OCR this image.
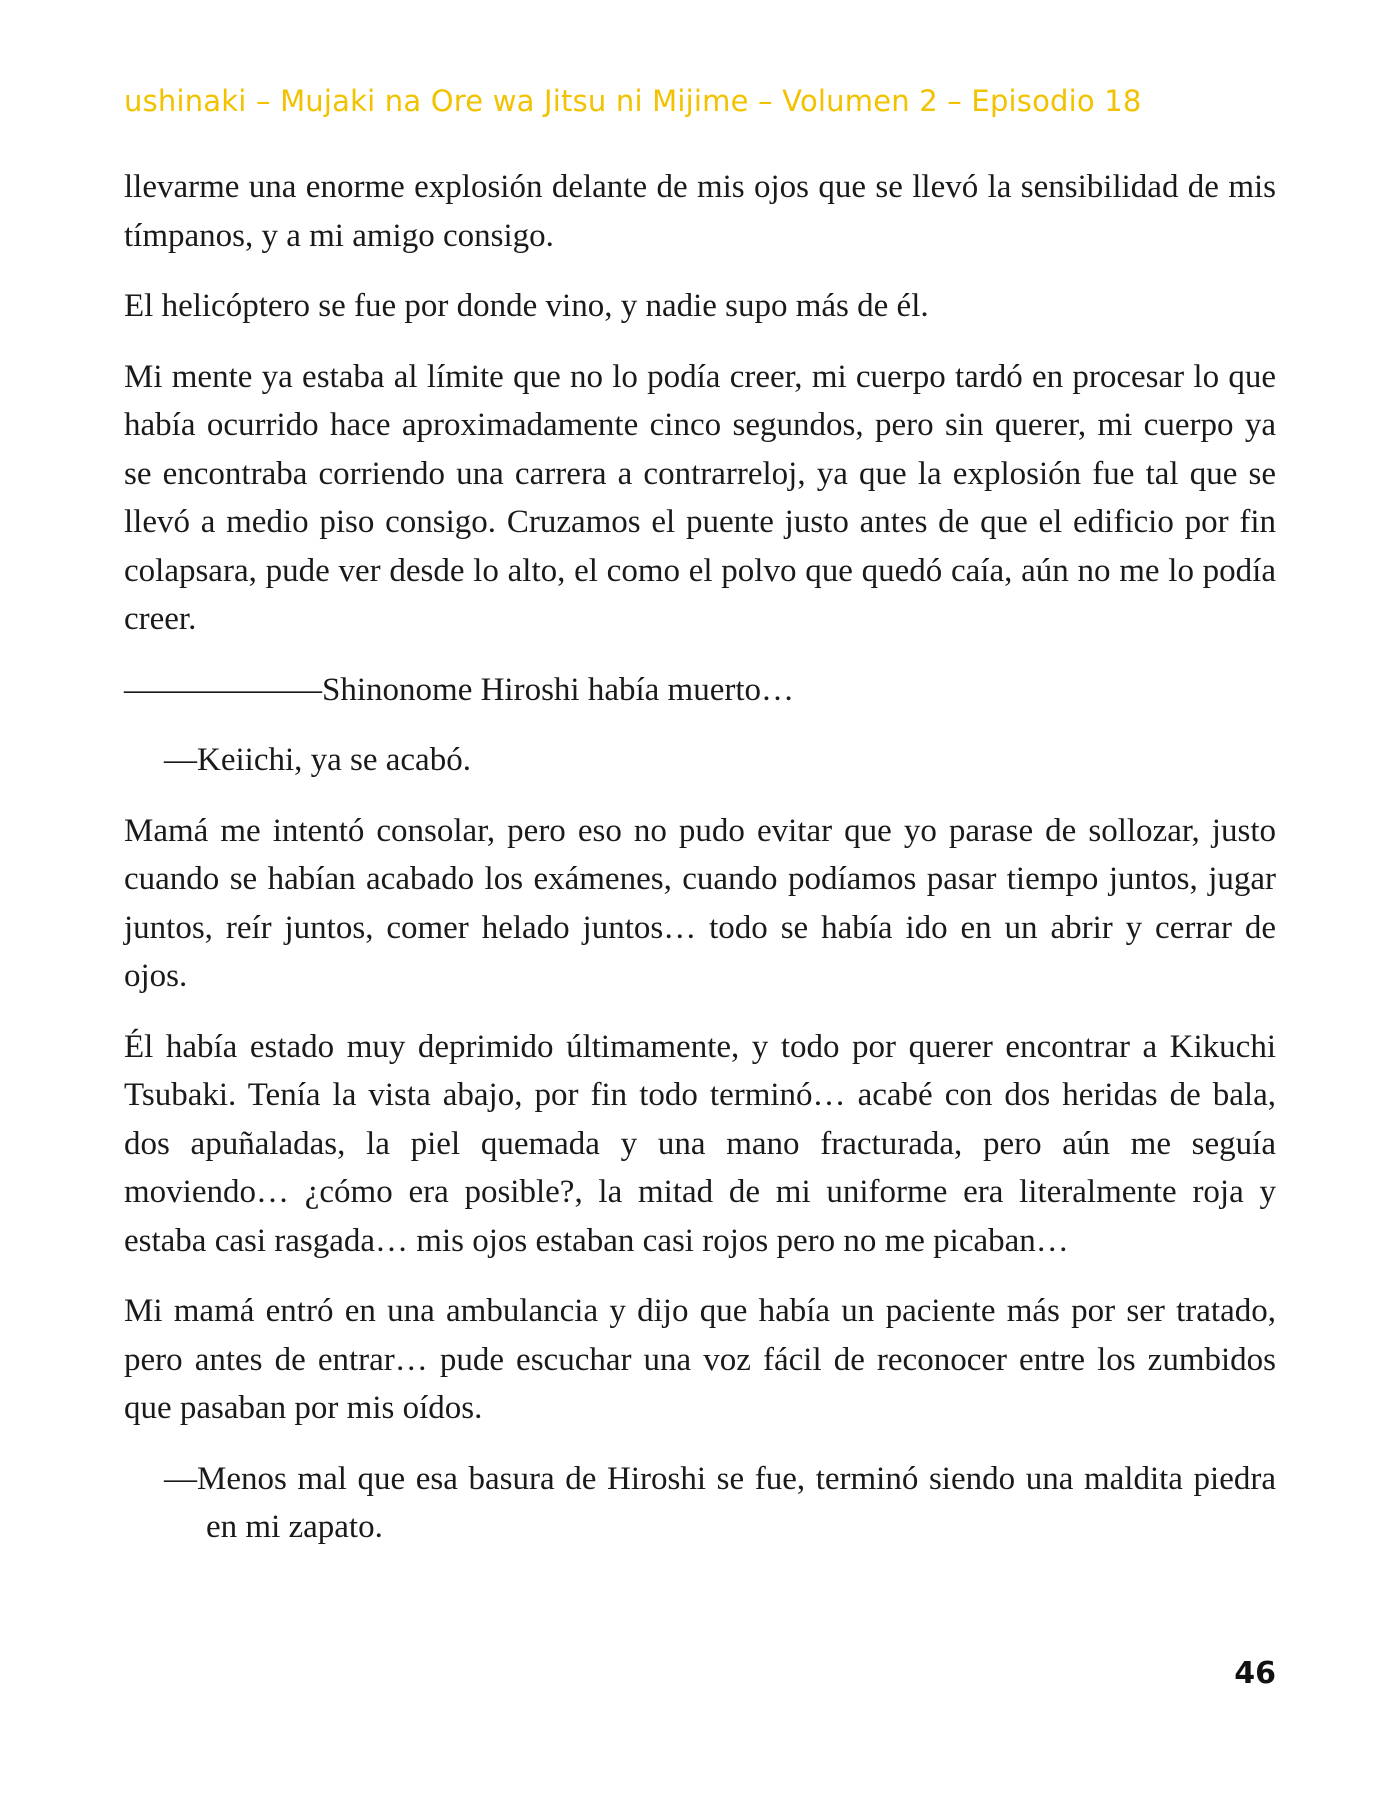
ushinaki – Mujaki na Ore wa Jitsu ni Mijime – Volumen 2 – Episodio 18

llevarme una enorme explosión delante de mis ojos que se llevó la sensibilidad de mis tímpanos, y a mi amigo consigo.

El helicóptero se fue por donde vino, y nadie supo más de él.

Mi mente ya estaba al límite que no lo podía creer, mi cuerpo tardó en procesar lo que había ocurrido hace aproximadamente cinco segundos, pero sin querer, mi cuerpo ya se encontraba corriendo una carrera a contrarreloj, ya que la explosión fue tal que se llevó a medio piso consigo. Cruzamos el puente justo antes de que el edificio por fin colapsara, pude ver desde lo alto, el como el polvo que quedó caía, aún no me lo podía creer.

——————Shinonome Hiroshi había muerto…

—Keiichi, ya se acabó.

Mamá me intentó consolar, pero eso no pudo evitar que yo parase de sollozar, justo cuando se habían acabado los exámenes, cuando podíamos pasar tiempo juntos, jugar juntos, reír juntos, comer helado juntos… todo se había ido en un abrir y cerrar de ojos.

Él había estado muy deprimido últimamente, y todo por querer encontrar a Kikuchi Tsubaki. Tenía la vista abajo, por fin todo terminó… acabé con dos heridas de bala, dos apuñaladas, la piel quemada y una mano fracturada, pero aún me seguía moviendo… ¿cómo era posible?, la mitad de mi uniforme era literalmente roja y estaba casi rasgada… mis ojos estaban casi rojos pero no me picaban…

Mi mamá entró en una ambulancia y dijo que había un paciente más por ser tratado, pero antes de entrar… pude escuchar una voz fácil de reconocer entre los zumbidos que pasaban por mis oídos.

—Menos mal que esa basura de Hiroshi se fue, terminó siendo una maldita piedra en mi zapato.

46
